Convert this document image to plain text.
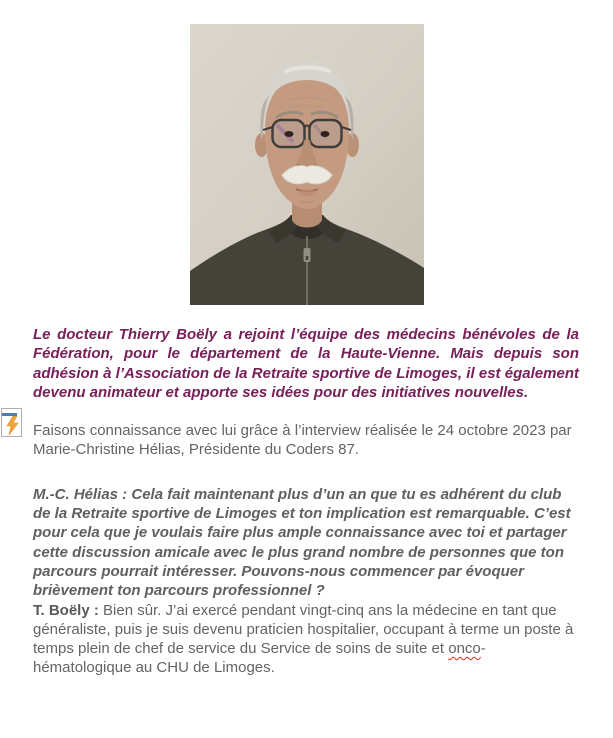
Le docteur Thierry Boëly a rejoint l’équipe des médecins bénévoles de la Fédération, pour le département de la Haute-Vienne. Mais depuis son adhésion à l’Association de la Retraite sportive de Limoges, il est également devenu animateur et apporte ses idées pour des initiatives nouvelles.

Faisons connaissance avec lui grâce à l’interview réalisée le 24 octobre 2023 par Marie-Christine Hélias, Présidente du Coders 87.

M.-C. Hélias : Cela fait maintenant plus d’un an que tu es adhérent du club de la Retraite sportive de Limoges et ton implication est remarquable. C’est pour cela que je voulais faire plus ample connaissance avec toi et partager cette discussion amicale avec le plus grand nombre de personnes que ton parcours pourrait intéresser. Pouvons-nous commencer par évoquer brièvement ton parcours professionnel ?

T. Boëly : Bien sûr. J’ai exercé pendant vingt-cinq ans la médecine en tant que généraliste, puis je suis devenu praticien hospitalier, occupant à terme un poste à temps plein de chef de service du Service de soins de suite et onco-hématologique au CHU de Limoges.
